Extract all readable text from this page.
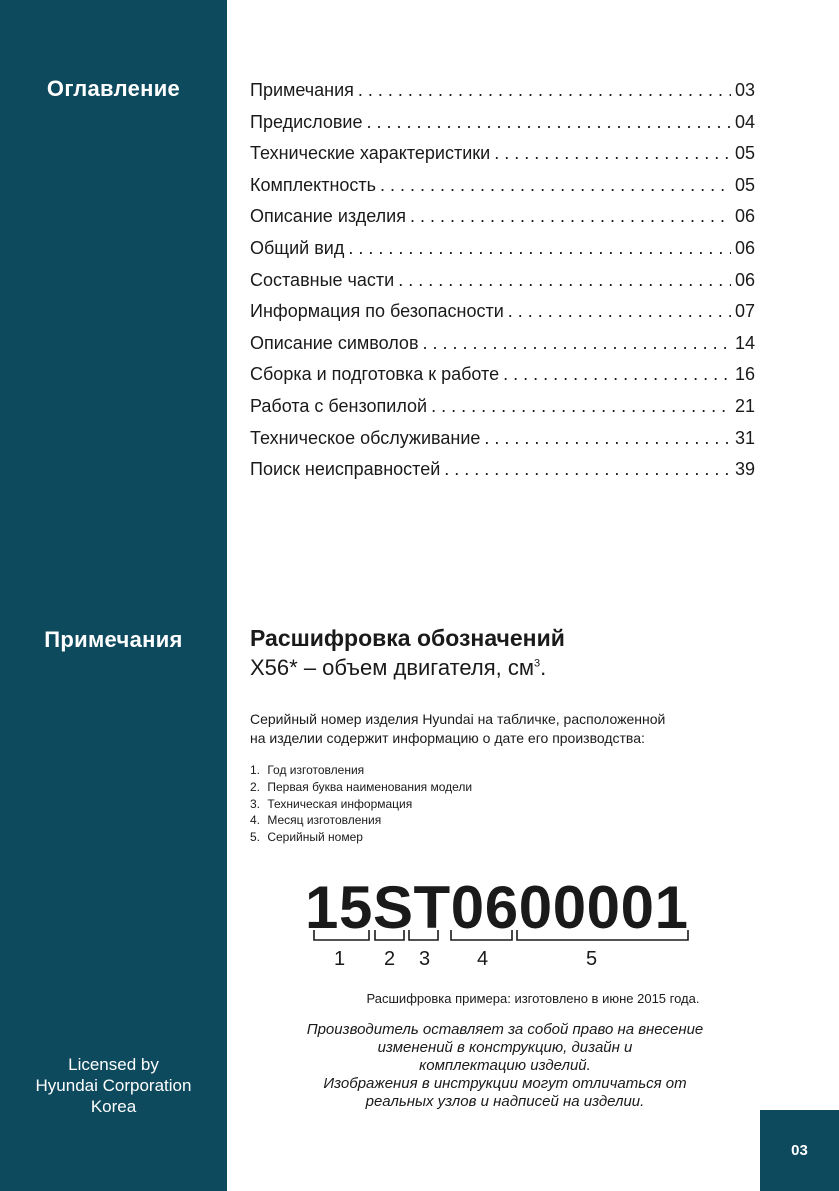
Оглавление
Примечания
Licensed by
Hyundai Corporation
Korea
Примечания . . .	03
Предисловие . . .	04
Технические характеристики . . .	05
Комплектность . . .	05
Описание изделия . . .	06
Общий вид . . .	06
Составные части . . .	06
Информация по безопасности . . .	07
Описание символов . . .	14
Сборка и подготовка к работе . . .	16
Работа с бензопилой . . .	21
Техническое обслуживание . . .	31
Поиск неисправностей . . .	39
Расшифровка обозначений
X56* – объем двигателя, $см^3$.
Серийный номер изделия Hyundai на табличке, расположенной
на изделии содержит информацию о дате его производства:
1. Год изготовления
2. Первая буква наименования модели
3. Техническая информация
4. Месяц изготовления
5. Серийный номер
15ST0600001
1 2 3 4	5
Расшифровка примера: изготовлено в июне 2015 года.
Производитель оставляет за собой право на внесение
изменений в конструкцию, дизайн и
комплектацию изделий.
Изображения в инструкции могут отличаться от
реальных узлов и надписей на изделии.
03
